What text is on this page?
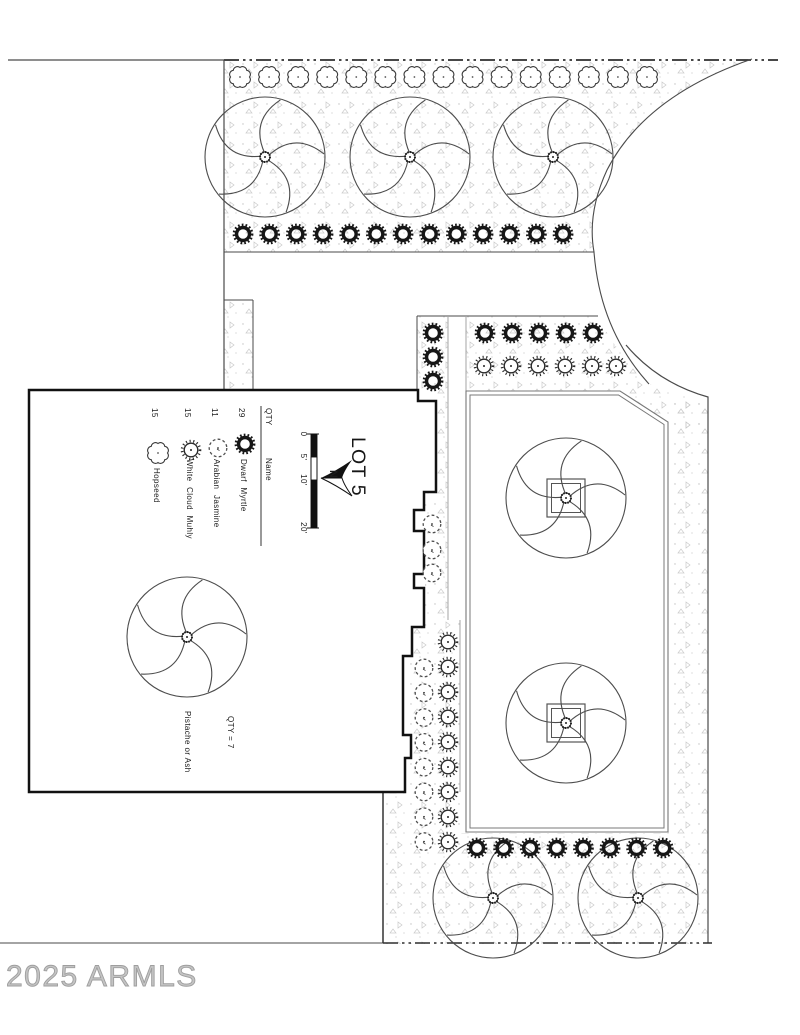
QTY
Name
29
Dwarf Myrtle
11
Arabian Jasmine
15
White Cloud Muhly
15
Hopseed
0
5'
10'
20'
N LOT 5
Pistache or Ash	QTY = 7
2025 ARMLS
